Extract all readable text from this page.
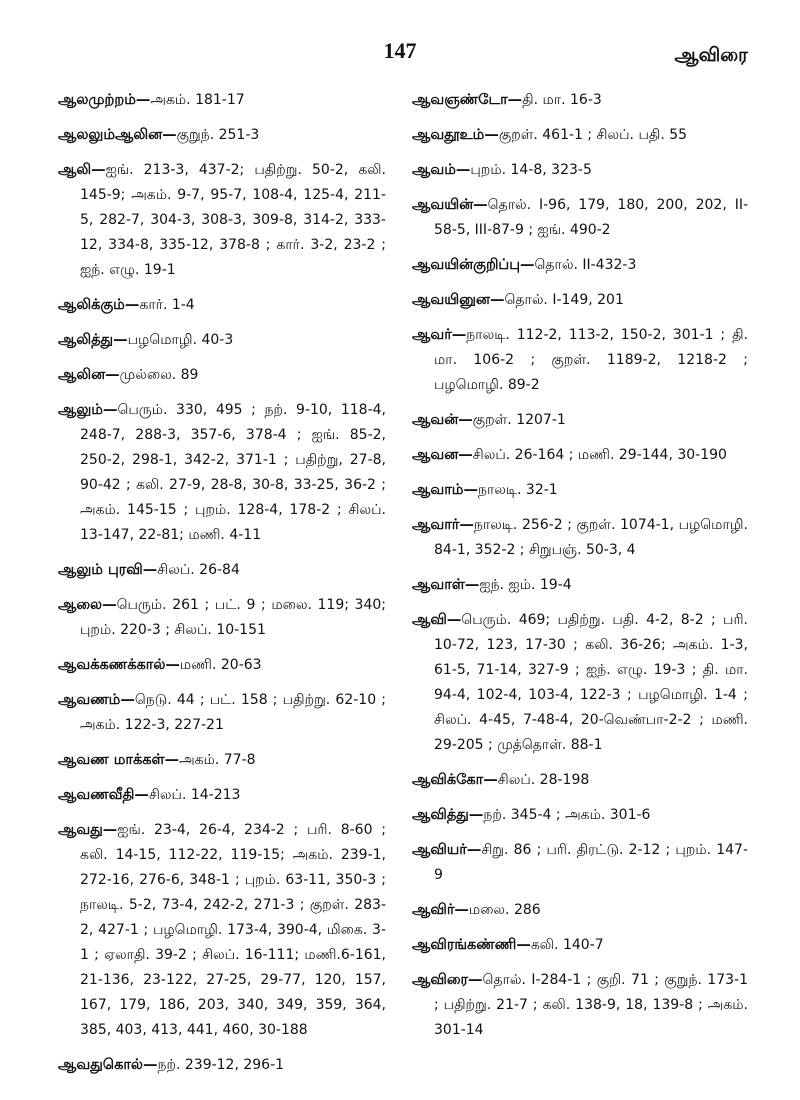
147	ஆவிரை

ஆலமுற்றம்—அகம். 181-17

ஆலலும்ஆலின—குறுந். 251-3

ஆலி—ஐங். 213-3, 437-2; பதிற்று. 50-2, கலி. 145-9; அகம். 9-7, 95-7, 108-4, 125-4, 211-5, 282-7, 304-3, 308-3, 309-8, 314-2, 333-12, 334-8, 335-12, 378-8 ; கார். 3-2, 23-2 ; ஐந். எழு. 19-1

ஆலிக்கும்—கார். 1-4

ஆலித்து—பழமொழி. 40-3

ஆலின—முல்லை. 89

ஆலும்—பெரும். 330, 495 ; நற். 9-10, 118-4, 248-7, 288-3, 357-6, 378-4 ; ஐங். 85-2, 250-2, 298-1, 342-2, 371-1 ; பதிற்று, 27-8, 90-42 ; கலி. 27-9, 28-8, 30-8, 33-25, 36-2 ; அகம். 145-15 ; புறம். 128-4, 178-2 ; சிலப். 13-147, 22-81; மணி. 4-11

ஆலும் புரவி—சிலப். 26-84

ஆலை—பெரும். 261 ; பட். 9 ; மலை. 119; 340; புறம். 220-3 ; சிலப். 10-151

ஆவக்கணக்கால்—மணி. 20-63

ஆவணம்—நெடு. 44 ; பட். 158 ; பதிற்று. 62-10 ; அகம். 122-3, 227-21

ஆவண மாக்கள்—அகம். 77-8

ஆவணவீதி—சிலப். 14-213

ஆவது—ஐங். 23-4, 26-4, 234-2 ; பரி. 8-60 ; கலி. 14-15, 112-22, 119-15; அகம். 239-1, 272-16, 276-6, 348-1 ; புறம். 63-11, 350-3 ; நாலடி. 5-2, 73-4, 242-2, 271-3 ; குறள். 283-2, 427-1 ; பழமொழி. 173-4, 390-4, மிகை. 3-1 ; ஏலாதி. 39-2 ; சிலப். 16-111; மணி.6-161, 21-136, 23-122, 27-25, 29-77, 120, 157, 167, 179, 186, 203, 340, 349, 359, 364, 385, 403, 413, 441, 460, 30-188

ஆவதுகொல்—நற். 239-12, 296-1

ஆவஞண்டோ—தி. மா. 16-3

ஆவதூஉம்—குறள். 461-1 ; சிலப். பதி. 55

ஆவம்—புறம். 14-8, 323-5

ஆவயின்—தொல். I-96, 179, 180, 200, 202, II-58-5, III-87-9 ; ஐங். 490-2

ஆவயின்குறிப்பு—தொல். II-432-3

ஆவயினுன—தொல். I-149, 201

ஆவர்—நாலடி. 112-2, 113-2, 150-2, 301-1 ; தி. மா. 106-2 ; குறள். 1189-2, 1218-2 ; பழமொழி. 89-2

ஆவன்—குறள். 1207-1

ஆவன—சிலப். 26-164 ; மணி. 29-144, 30-190

ஆவாம்—நாலடி. 32-1

ஆவார்—நாலடி. 256-2 ; குறள். 1074-1, பழமொழி. 84-1, 352-2 ; சிறுபஞ். 50-3, 4

ஆவாள்—ஐந். ஐம். 19-4

ஆவி—பெரும். 469; பதிற்று. பதி. 4-2, 8-2 ; பரி. 10-72, 123, 17-30 ; கலி. 36-26; அகம். 1-3, 61-5, 71-14, 327-9 ; ஐந். எழு. 19-3 ; தி. மா. 94-4, 102-4, 103-4, 122-3 ; பழமொழி. 1-4 ; சிலப். 4-45, 7-48-4, 20-வெண்பா-2-2 ; மணி. 29-205 ; முத்தொள். 88-1

ஆவிக்கோ—சிலப். 28-198

ஆவித்து—நற். 345-4 ; அகம். 301-6

ஆவியர்—சிறு. 86 ; பரி. திரட்டு. 2-12 ; புறம். 147-9

ஆவிர்—மலை. 286

ஆவிரங்கண்ணி—கலி. 140-7

ஆவிரை—தொல். I-284-1 ; குறி. 71 ; குறுந். 173-1 ; பதிற்று. 21-7 ; கலி. 138-9, 18, 139-8 ; அகம். 301-14
